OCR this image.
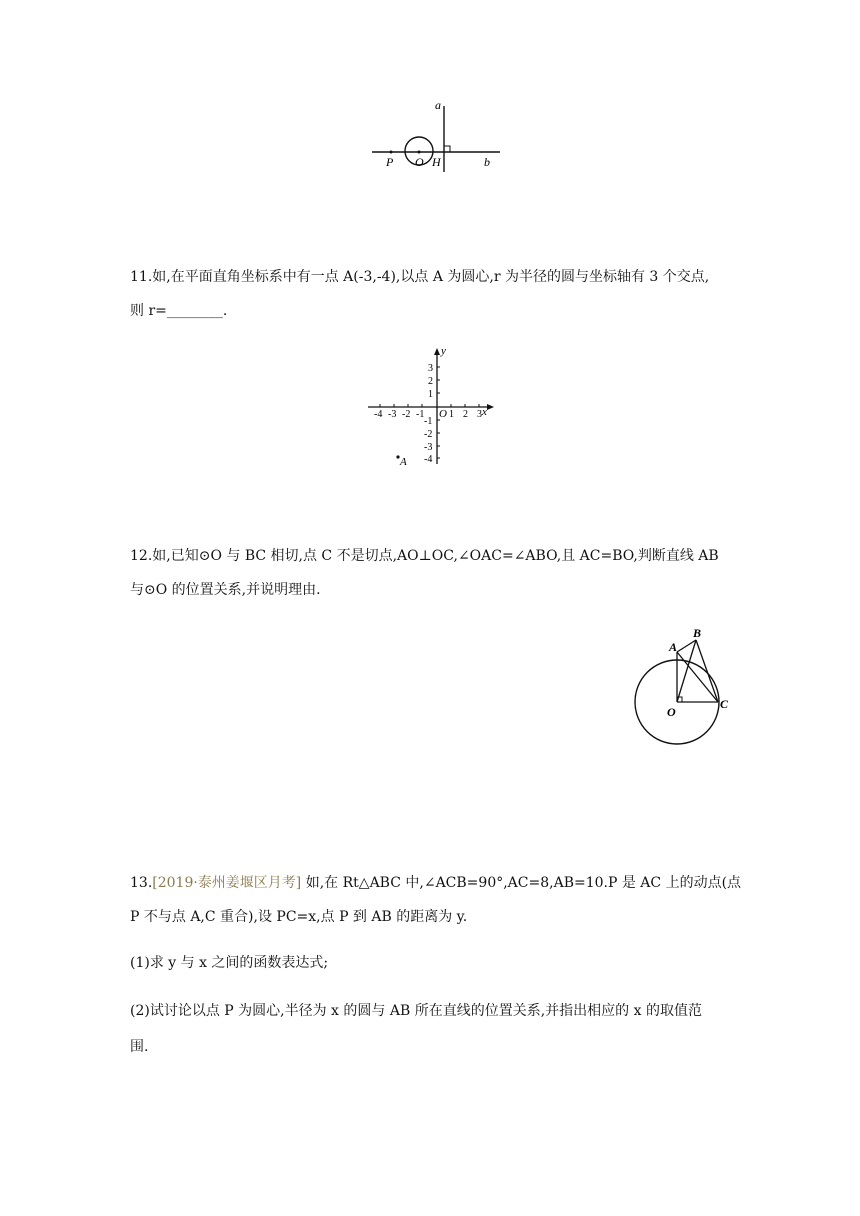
a
b
P O H
11.如,在平面直角坐标系中有一点 A(-3,-4),以点 A 为圆心,r 为半径的圆与坐标轴有 3 个交点,
则 r=________.
-4 -3 -2 -1 1 2 3
3
2
1
-1
-2
-3
-4
O	x
y
A
12.如,已知⊙O 与 BC 相切,点 C 不是切点,AO⊥OC,∠OAC=∠ABO,且 AC=BO,判断直线 AB
与⊙O 的位置关系,并说明理由.
A
B
C
O
13.[2019·泰州姜堰区月考] 如,在 Rt△ABC 中,∠ACB=90°,AC=8,AB=10.P 是 AC 上的动点(点
P 不与点 A,C 重合),设 PC=x,点 P 到 AB 的距离为 y.
(1)求 y 与 x 之间的函数表达式;
(2)试讨论以点 P 为圆心,半径为 x 的圆与 AB 所在直线的位置关系,并指出相应的 x 的取值范
围.
